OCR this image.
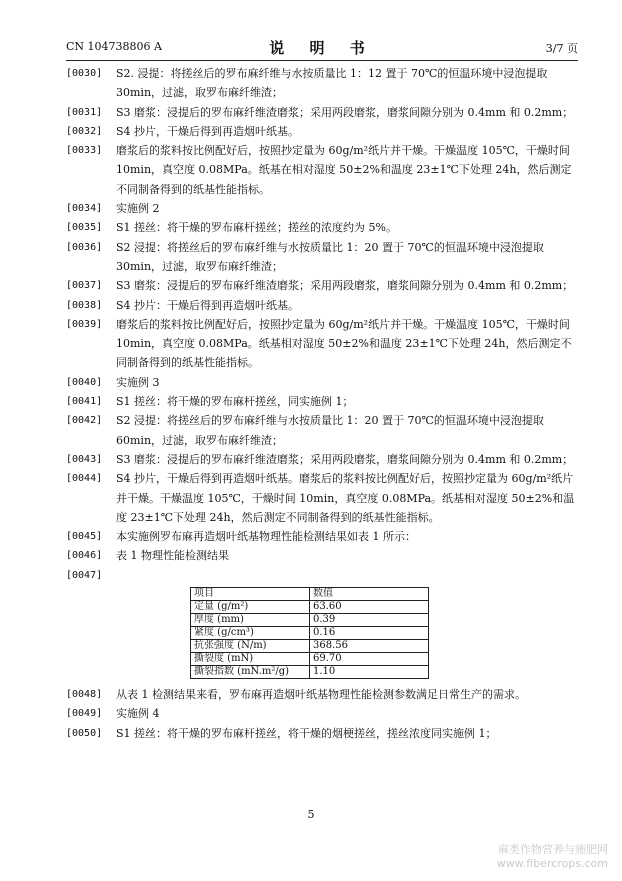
CN 104738806 A	说 明 书	3/7 页
[0030]	S2. 浸提：将搓丝后的罗布麻纤维与水按质量比 1：12 置于 70℃的恒温环境中浸泡提取 30min，过滤，取罗布麻纤维渣；
[0031]	S3 磨浆：浸提后的罗布麻纤维渣磨浆；采用两段磨浆，磨浆间隙分别为 0.4mm 和 0.2mm；
[0032]	S4 抄片，干燥后得到再造烟叶纸基。
[0033]	磨浆后的浆料按比例配好后，按照抄定量为 60g/m²纸片并干燥。干燥温度 105℃，干燥时间 10min，真空度 0.08MPa。纸基在相对湿度 50±2%和温度 23±1℃下处理 24h，然后测定不同制备得到的纸基性能指标。
[0034]	实施例 2
[0035]	S1 搓丝：将干燥的罗布麻杆搓丝；搓丝的浓度约为 5%。
[0036]	S2 浸提：将搓丝后的罗布麻纤维与水按质量比 1：20 置于 70℃的恒温环境中浸泡提取 30min，过滤，取罗布麻纤维渣；
[0037]	S3 磨浆：浸提后的罗布麻纤维渣磨浆；采用两段磨浆，磨浆间隙分别为 0.4mm 和 0.2mm；
[0038]	S4 抄片：干燥后得到再造烟叶纸基。
[0039]	磨浆后的浆料按比例配好后，按照抄定量为 60g/m²纸片并干燥。干燥温度 105℃，干燥时间 10min，真空度 0.08MPa。纸基相对湿度 50±2%和温度 23±1℃下处理 24h，然后测定不同制备得到的纸基性能指标。
[0040]	实施例 3
[0041]	S1 搓丝：将干燥的罗布麻杆搓丝，同实施例 1；
[0042]	S2 浸提：将搓丝后的罗布麻纤维与水按质量比 1：20 置于 70℃的恒温环境中浸泡提取 60min，过滤，取罗布麻纤维渣；
[0043]	S3 磨浆：浸提后的罗布麻纤维渣磨浆；采用两段磨浆，磨浆间隙分别为 0.4mm 和 0.2mm；
[0044]	S4 抄片，干燥后得到再造烟叶纸基。磨浆后的浆料按比例配好后，按照抄定量为 60g/m²纸片并干燥。干燥温度 105℃，干燥时间 10min，真空度 0.08MPa。纸基相对湿度 50±2%和温度 23±1℃下处理 24h，然后测定不同制备得到的纸基性能指标。
[0045]	本实施例罗布麻再造烟叶纸基物理性能检测结果如表 1 所示：
[0046]	表 1 物理性能检测结果
[0047]
项目	数值
定量 (g/m²)	63.60
厚度 (mm)	0.39
紧度 (g/cm³)	0.16
抗张强度 (N/m)	368.56
撕裂度 (mN)	69.70
撕裂指数 (mN.m²/g)	1.10
[0048]	从表 1 检测结果来看，罗布麻再造烟叶纸基物理性能检测参数满足日常生产的需求。
[0049]	实施例 4
[0050]	S1 搓丝：将干燥的罗布麻杆搓丝，将干燥的烟梗搓丝，搓丝浓度同实施例 1；
5
麻类作物营养与施肥网
www.fibercrops.com
